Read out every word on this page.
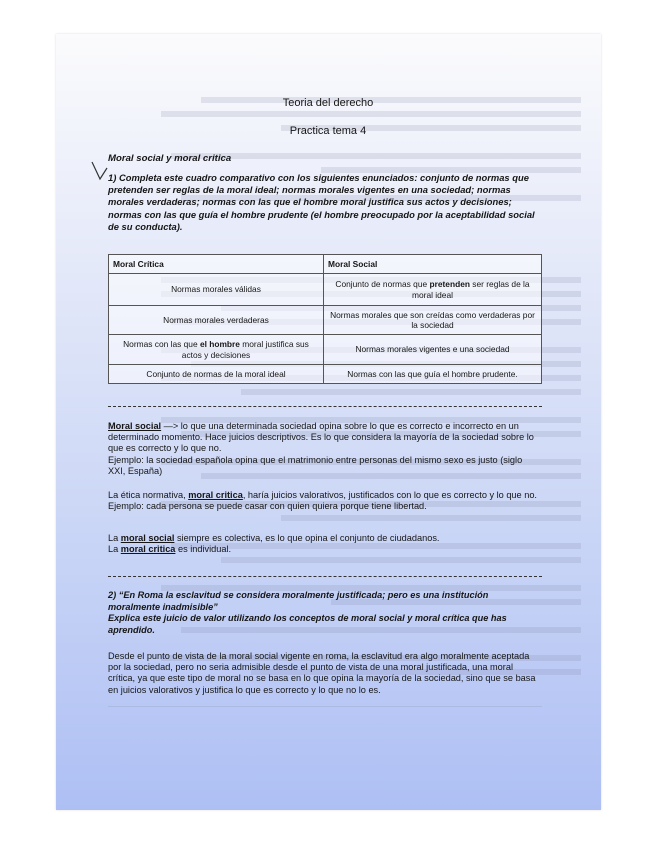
Teoria del derecho
Practica tema 4
Moral social y moral critica
1) Completa este cuadro comparativo con los siguientes enunciados: conjunto de normas que pretenden ser reglas de la moral ideal; normas morales vigentes en una sociedad; normas morales verdaderas; normas con las que el hombre moral justifica sus actos y decisiones; normas con las que guía el hombre prudente (el hombre preocupado por la aceptabilidad social de su conducta).
Moral Crítica	Moral Social
Normas morales válidas	Conjunto de normas que pretenden ser reglas de la moral ideal
Normas morales verdaderas	Normas morales que son creídas como verdaderas por la sociedad
Normas con las que el hombre moral justifica sus actos y decisiones	Normas morales vigentes e una sociedad
Conjunto de normas de la moral ideal	Normas con las que guía el hombre prudente.
Moral social —> lo que una determinada sociedad opina sobre lo que es correcto e incorrecto en un determinado momento. Hace juicios descriptivos. Es lo que considera la mayoría de la sociedad sobre lo que es correcto y lo que no.
Ejemplo: la sociedad española opina que el matrimonio entre personas del mismo sexo es justo (siglo XXI, España)
La ética normativa, moral critica, haría juicios valorativos, justificados con lo que es correcto y lo que no.
Ejemplo: cada persona se puede casar con quien quiera porque tiene libertad.
La moral social siempre es colectiva, es lo que opina el conjunto de ciudadanos.
La moral critica es individual.
2) “En Roma la esclavitud se considera moralmente justificada; pero es una institución moralmente inadmisible”
Explica este juicio de valor utilizando los conceptos de moral social y moral crítica que has aprendido.
Desde el punto de vista de la moral social vigente en roma, la esclavitud era algo moralmente aceptada por la sociedad, pero no seria admisible desde el punto de vista de una moral justificada, una moral crítica, ya que este tipo de moral no se basa en lo que opina la mayoría de la sociedad, sino que se basa en juicios valorativos y justifica lo que es correcto y lo que no lo es.
